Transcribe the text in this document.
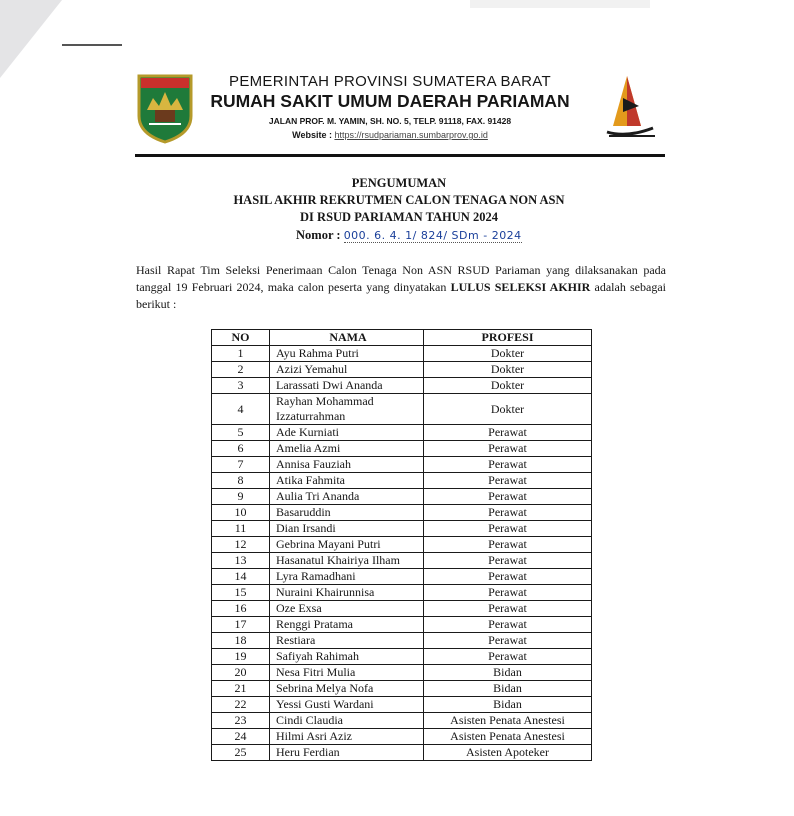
PEMERINTAH PROVINSI SUMATERA BARAT
RUMAH SAKIT UMUM DAERAH PARIAMAN
JALAN PROF. M. YAMIN, SH. NO. 5, TELP. 91118, FAX. 91428
Website : https://rsudpariaman.sumbarprov.go.id
PENGUMUMAN
HASIL AKHIR REKRUTMEN CALON TENAGA NON ASN
DI RSUD PARIAMAN TAHUN 2024
Nomor : 000. 6. 4. 1/ 824/ SDm - 2024
Hasil Rapat Tim Seleksi Penerimaan Calon Tenaga Non ASN RSUD Pariaman yang dilaksanakan pada tanggal 19 Februari 2024, maka calon peserta yang dinyatakan LULUS SELEKSI AKHIR adalah sebagai berikut :
NO	NAMA	PROFESI
1	Ayu Rahma Putri	Dokter
2	Azizi Yemahul	Dokter
3	Larassati Dwi Ananda	Dokter
4	Rayhan Mohammad Izzaturrahman	Dokter
5	Ade Kurniati	Perawat
6	Amelia Azmi	Perawat
7	Annisa Fauziah	Perawat
8	Atika Fahmita	Perawat
9	Aulia Tri Ananda	Perawat
10	Basaruddin	Perawat
11	Dian Irsandi	Perawat
12	Gebrina Mayani Putri	Perawat
13	Hasanatul Khairiya Ilham	Perawat
14	Lyra Ramadhani	Perawat
15	Nuraini Khairunnisa	Perawat
16	Oze Exsa	Perawat
17	Renggi Pratama	Perawat
18	Restiara	Perawat
19	Safiyah Rahimah	Perawat
20	Nesa Fitri Mulia	Bidan
21	Sebrina Melya Nofa	Bidan
22	Yessi Gusti Wardani	Bidan
23	Cindi Claudia	Asisten Penata Anestesi
24	Hilmi Asri Aziz	Asisten Penata Anestesi
25	Heru Ferdian	Asisten Apoteker
